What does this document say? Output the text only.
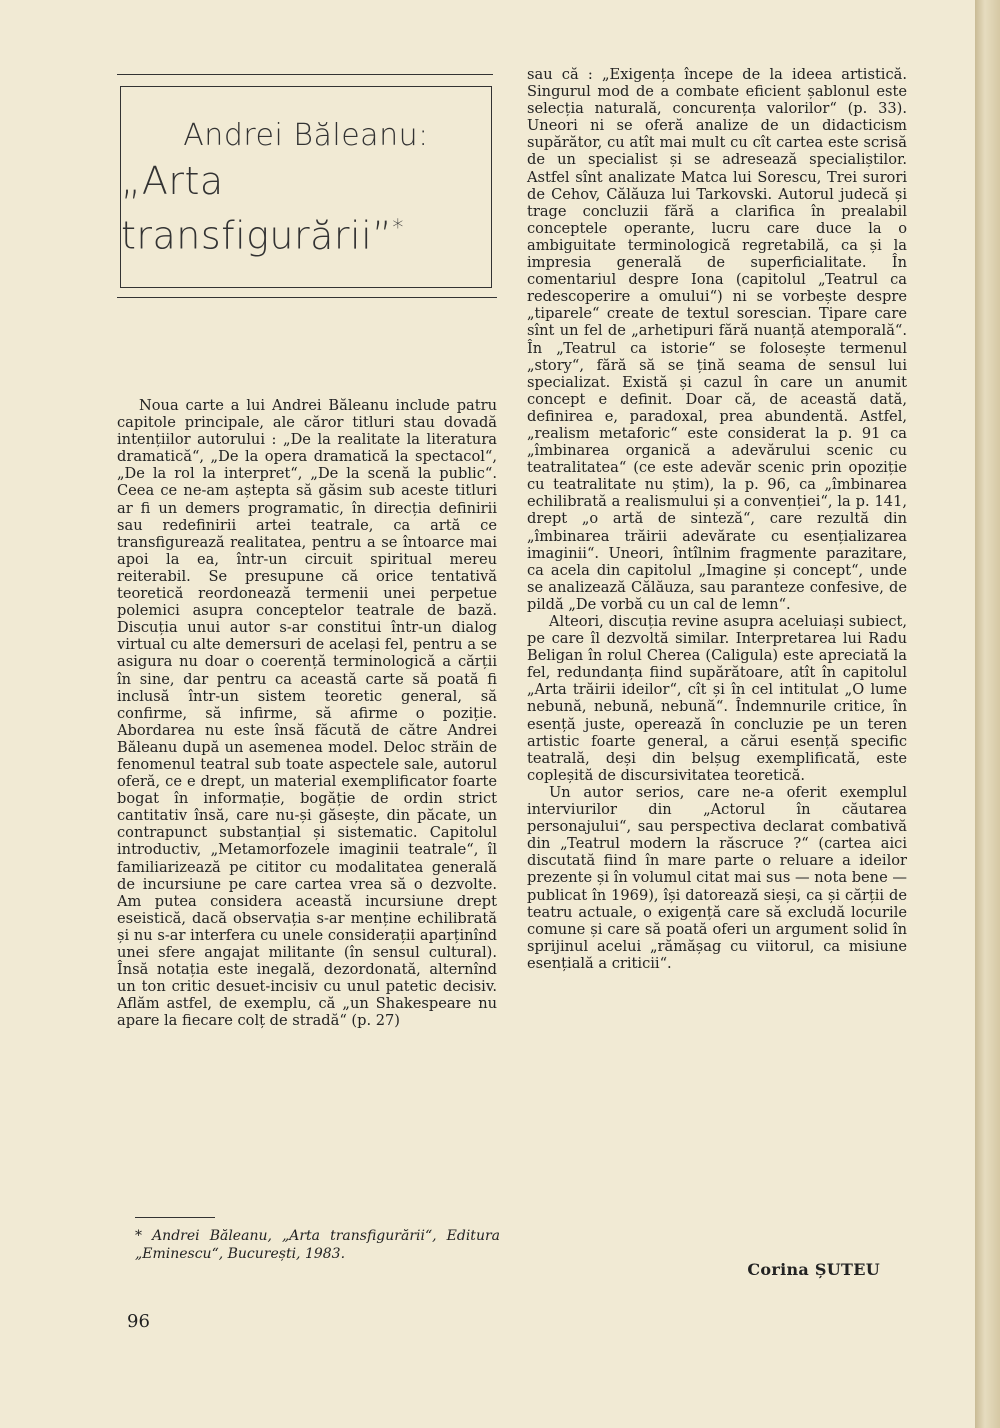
Andrei Băleanu:
„Arta transfigurării”*

Noua carte a lui Andrei Băleanu include patru capitole principale, ale căror titluri stau dovadă intențiilor autorului : „De la realitate la literatura dramatică“, „De la opera dramatică la spectacol“, „De la rol la interpret“, „De la scenă la public“. Ceea ce ne-am aștepta să găsim sub aceste titluri ar fi un demers programatic, în direcția definirii sau redefinirii artei teatrale, ca artă ce transfigurează realitatea, pentru a se întoarce mai apoi la ea, într-un circuit spiritual mereu reiterabil. Se presupune că orice tentativă teoretică reordonează termenii unei perpetue polemici asupra conceptelor teatrale de bază. Discuția unui autor s-ar constitui într-un dialog virtual cu alte demersuri de același fel, pentru a se asigura nu doar o coerență terminologică a cărții în sine, dar pentru ca această carte să poată fi inclusă într-un sistem teoretic general, să confirme, să infirme, să afirme o poziție. Abordarea nu este însă făcută de către Andrei Băleanu după un asemenea model. Deloc străin de fenomenul teatral sub toate aspectele sale, autorul oferă, ce e drept, un material exemplificator foarte bogat în informație, bogăție de ordin strict cantitativ însă, care nu-și găsește, din păcate, un contrapunct substanțial și sistematic. Capitolul introductiv, „Metamorfozele imaginii teatrale“, îl familiarizează pe cititor cu modalitatea generală de incursiune pe care cartea vrea să o dezvolte. Am putea considera această incursiune drept eseistică, dacă observația s-ar menține echilibrată și nu s-ar interfera cu unele considerații aparținînd unei sfere angajat militante (în sensul cultural). Însă notația este inegală, dezordonată, alternînd un ton critic desuet-incisiv cu unul patetic decisiv. Aflăm astfel, de exemplu, că „un Shakespeare nu apare la fiecare colț de stradă“ (p. 27)

sau că : „Exigența începe de la ideea artistică. Singurul mod de a combate eficient șablonul este selecția naturală, concurența valorilor“ (p. 33). Uneori ni se oferă analize de un didacticism supărător, cu atît mai mult cu cît cartea este scrisă de un specialist și se adresează specialiștilor. Astfel sînt analizate Matca lui Sorescu, Trei surori de Cehov, Călăuza lui Tarkovski. Autorul judecă și trage concluzii fără a clarifica în prealabil conceptele operante, lucru care duce la o ambiguitate terminologică regretabilă, ca și la impresia generală de superficialitate. În comentariul despre Iona (capitolul „Teatrul ca redescoperire a omului“) ni se vorbește despre „tiparele“ create de textul sorescian. Tipare care sînt un fel de „arhetipuri fără nuanță atemporală“. În „Teatrul ca istorie“ se folosește termenul „story“, fără să se țină seama de sensul lui specializat. Există și cazul în care un anumit concept e definit. Doar că, de această dată, definirea e, paradoxal, prea abundentă. Astfel, „realism metaforic“ este considerat la p. 91 ca „îmbinarea organică a adevărului scenic cu teatralitatea“ (ce este adevăr scenic prin opoziție cu teatralitate nu știm), la p. 96, ca „îmbinarea echilibrată a realismului și a convenției“, la p. 141, drept „o artă de sinteză“, care rezultă din „îmbinarea trăirii adevărate cu esențializarea imaginii“. Uneori, întîlnim fragmente parazitare, ca acela din capitolul „Imagine și concept“, unde se analizează Călăuza, sau paranteze confesive, de pildă „De vorbă cu un cal de lemn“.

Alteori, discuția revine asupra aceluiași subiect, pe care îl dezvoltă similar. Interpretarea lui Radu Beligan în rolul Cherea (Caligula) este apreciată la fel, redundanța fiind supărătoare, atît în capitolul „Arta trăirii ideilor“, cît și în cel intitulat „O lume nebună, nebună, nebună“. Îndemnurile critice, în esență juste, operează în concluzie pe un teren artistic foarte general, a cărui esență specific teatrală, deși din belșug exemplificată, este copleșită de discursivitatea teoretică.

Un autor serios, care ne-a oferit exemplul interviurilor din „Actorul în căutarea personajului“, sau perspectiva declarat combativă din „Teatrul modern la răscruce ?“ (cartea aici discutată fiind în mare parte o reluare a ideilor prezente și în volumul citat mai sus — nota bene — publicat în 1969), își datorează sieși, ca și cărții de teatru actuale, o exigență care să excludă locurile comune și care să poată oferi un argument solid în sprijinul acelui „rămășag cu viitorul, ca misiune esențială a criticii“.

* Andrei Băleanu, „Arta transfigurării“, Editura „Eminescu“, București, 1983.
Corina ȘUTEU
96
